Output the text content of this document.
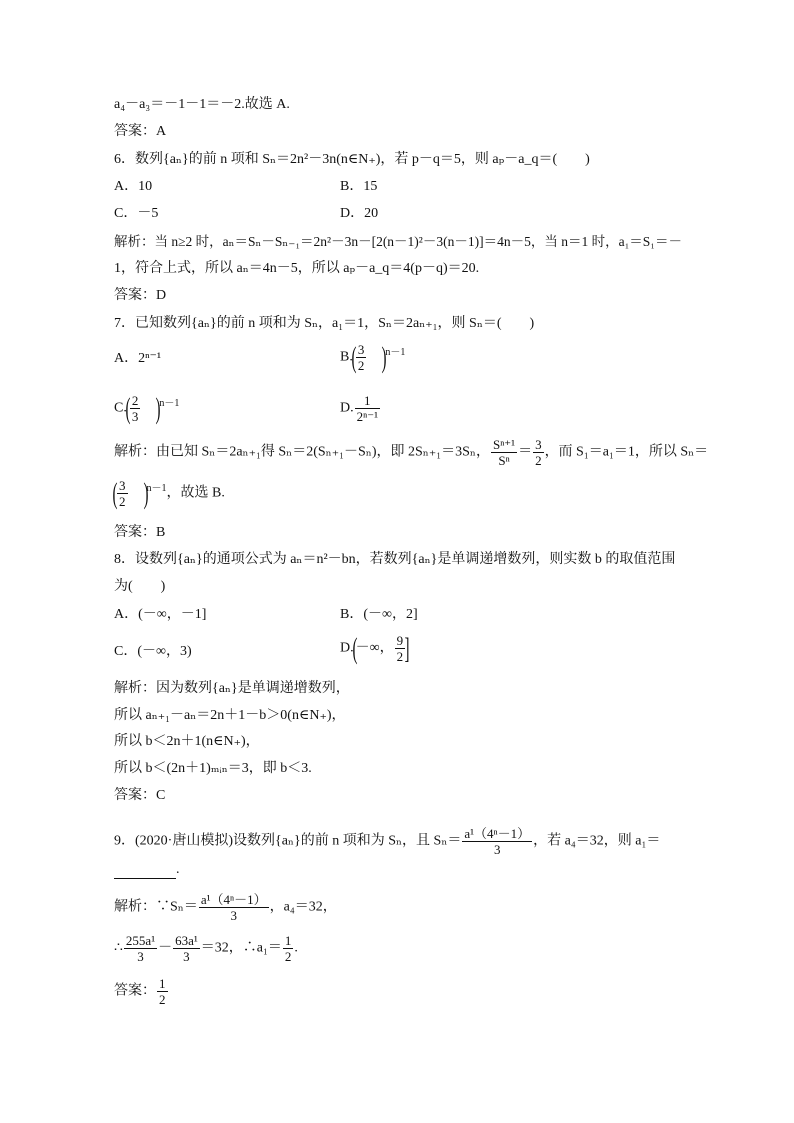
a₄－a₃＝－1－1＝－2.故选 A.
答案：A
6．数列{aₙ}的前 n 项和 Sₙ＝2n²－3n(n∈N₊)，若 p－q＝5，则 aₚ－a_q＝(　　)
A．10	B．15
C．－5	D．20
解析：当 n≥2 时，aₙ＝Sₙ－Sₙ₋₁＝2n²－3n－[2(n－1)²－3(n－1)]＝4n－5，当 n＝1 时，a₁＝S₁＝－
1，符合上式，所以 aₙ＝4n－5，所以 aₚ－a_q＝4(p－q)＝20.
答案：D
7．已知数列{aₙ}的前 n 项和为 Sₙ，a₁＝1，Sₙ＝2aₙ₊₁，则 Sₙ＝(　　)
A．2ⁿ⁻¹	$B.( \frac{3}{2} )^{n-1}$
$C.( \frac{2}{3} )^{n-1}$	D. $\frac{1}{\text{2ⁿ⁻¹}}$
解析：由已知 Sₙ＝2aₙ₊₁得 Sₙ＝2(Sₙ₊₁－Sₙ)，即 2Sₙ₊₁＝3Sₙ， $\frac{\text{Sⁿ⁺¹}}{\text{Sⁿ}} = \frac{3}{2}$ ，而 S₁＝a₁＝1，所以 Sₙ＝
( $\frac{3}{2} )^{n-1}$，故选 B.
答案：B
8．设数列{aₙ}的通项公式为 aₙ＝n²－bn，若数列{aₙ}是单调递增数列，则实数 b 的取值范围
为(　　)
A．(－∞，－1]	B．(－∞，2]
C．(－∞，3)	D.(－∞， $\frac{9}{2}$ ]
解析：因为数列{aₙ}是单调递增数列，
所以 aₙ₊₁－aₙ＝2n＋1－b＞0(n∈N₊)，
所以 b＜2n＋1(n∈N₊)，
所以 b＜(2n＋1)ₘᵢₙ＝3，即 b＜3.
答案：C
9．(2020·唐山模拟)设数列{aₙ}的前 n 项和为 Sₙ，且 $S_n= \frac{\text{a¹（4ⁿ－1）}}{3}$ ，若 a₄＝32，则 a₁＝
.
解析：∵Sₙ＝ $\frac{\text{a¹（4ⁿ－1）}}{3}$ ，a₄＝32，
∴ $\frac{\text{255a¹}}{3} - \frac{\text{63a¹}}{3} =32$，∴a₁＝ $\frac{1}{2}$ .
答案： $\frac{1}{2}$
